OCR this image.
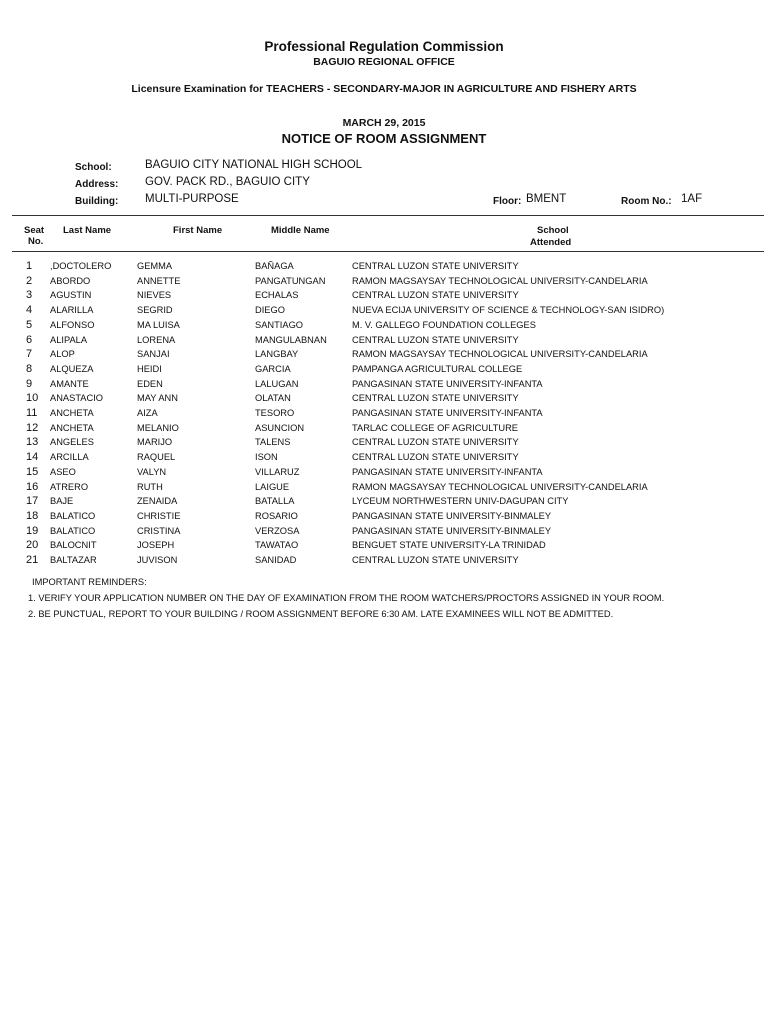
Professional Regulation Commission
BAGUIO REGIONAL OFFICE
Licensure Examination for TEACHERS - SECONDARY-MAJOR IN AGRICULTURE AND FISHERY ARTS
MARCH 29, 2015
NOTICE OF ROOM ASSIGNMENT
School:	BAGUIO CITY NATIONAL HIGH SCHOOL
Address: GOV. PACK RD., BAGUIO CITY
Building: MULTI-PURPOSE	Floor: BMENT	Room No.: 1AF
Seat
No.
Last Name	First Name	Middle Name	School
Attended
1 ,DOCTOLERO	GEMMA	BAÑAGA	CENTRAL LUZON STATE UNIVERSITY
2 ABORDO	ANNETTE	PANGATUNGAN	RAMON MAGSAYSAY TECHNOLOGICAL UNIVERSITY-CANDELARIA
3 AGUSTIN	NIEVES	ECHALAS	CENTRAL LUZON STATE UNIVERSITY
4 ALARILLA	SEGRID	DIEGO	NUEVA ECIJA UNIVERSITY OF SCIENCE & TECHNOLOGY-SAN ISIDRO)
5 ALFONSO	MA LUISA	SANTIAGO	M. V. GALLEGO FOUNDATION COLLEGES
6 ALIPALA	LORENA	MANGULABNAN	CENTRAL LUZON STATE UNIVERSITY
7 ALOP	SANJAI	LANGBAY	RAMON MAGSAYSAY TECHNOLOGICAL UNIVERSITY-CANDELARIA
8 ALQUEZA	HEIDI	GARCIA	PAMPANGA AGRICULTURAL COLLEGE
9 AMANTE	EDEN	LALUGAN	PANGASINAN STATE UNIVERSITY-INFANTA
10 ANASTACIO	MAY ANN	OLATAN	CENTRAL LUZON STATE UNIVERSITY
11 ANCHETA	AIZA	TESORO	PANGASINAN STATE UNIVERSITY-INFANTA
12 ANCHETA	MELANIO	ASUNCION	TARLAC COLLEGE OF AGRICULTURE
13 ANGELES	MARIJO	TALENS	CENTRAL LUZON STATE UNIVERSITY
14 ARCILLA	RAQUEL	ISON	CENTRAL LUZON STATE UNIVERSITY
15 ASEO	VALYN	VILLARUZ	PANGASINAN STATE UNIVERSITY-INFANTA
16 ATRERO	RUTH	LAIGUE	RAMON MAGSAYSAY TECHNOLOGICAL UNIVERSITY-CANDELARIA
17 BAJE	ZENAIDA	BATALLA	LYCEUM NORTHWESTERN UNIV-DAGUPAN CITY
18 BALATICO	CHRISTIE	ROSARIO	PANGASINAN STATE UNIVERSITY-BINMALEY
19 BALATICO	CRISTINA	VERZOSA	PANGASINAN STATE UNIVERSITY-BINMALEY
20 BALOCNIT	JOSEPH	TAWATAO	BENGUET STATE UNIVERSITY-LA TRINIDAD
21 BALTAZAR	JUVISON	SANIDAD	CENTRAL LUZON STATE UNIVERSITY
IMPORTANT REMINDERS:
1. VERIFY YOUR APPLICATION NUMBER ON THE DAY OF EXAMINATION FROM THE ROOM WATCHERS/PROCTORS ASSIGNED IN YOUR ROOM.
2. BE PUNCTUAL, REPORT TO YOUR BUILDING / ROOM ASSIGNMENT BEFORE 6:30 AM. LATE EXAMINEES WILL NOT BE ADMITTED.
